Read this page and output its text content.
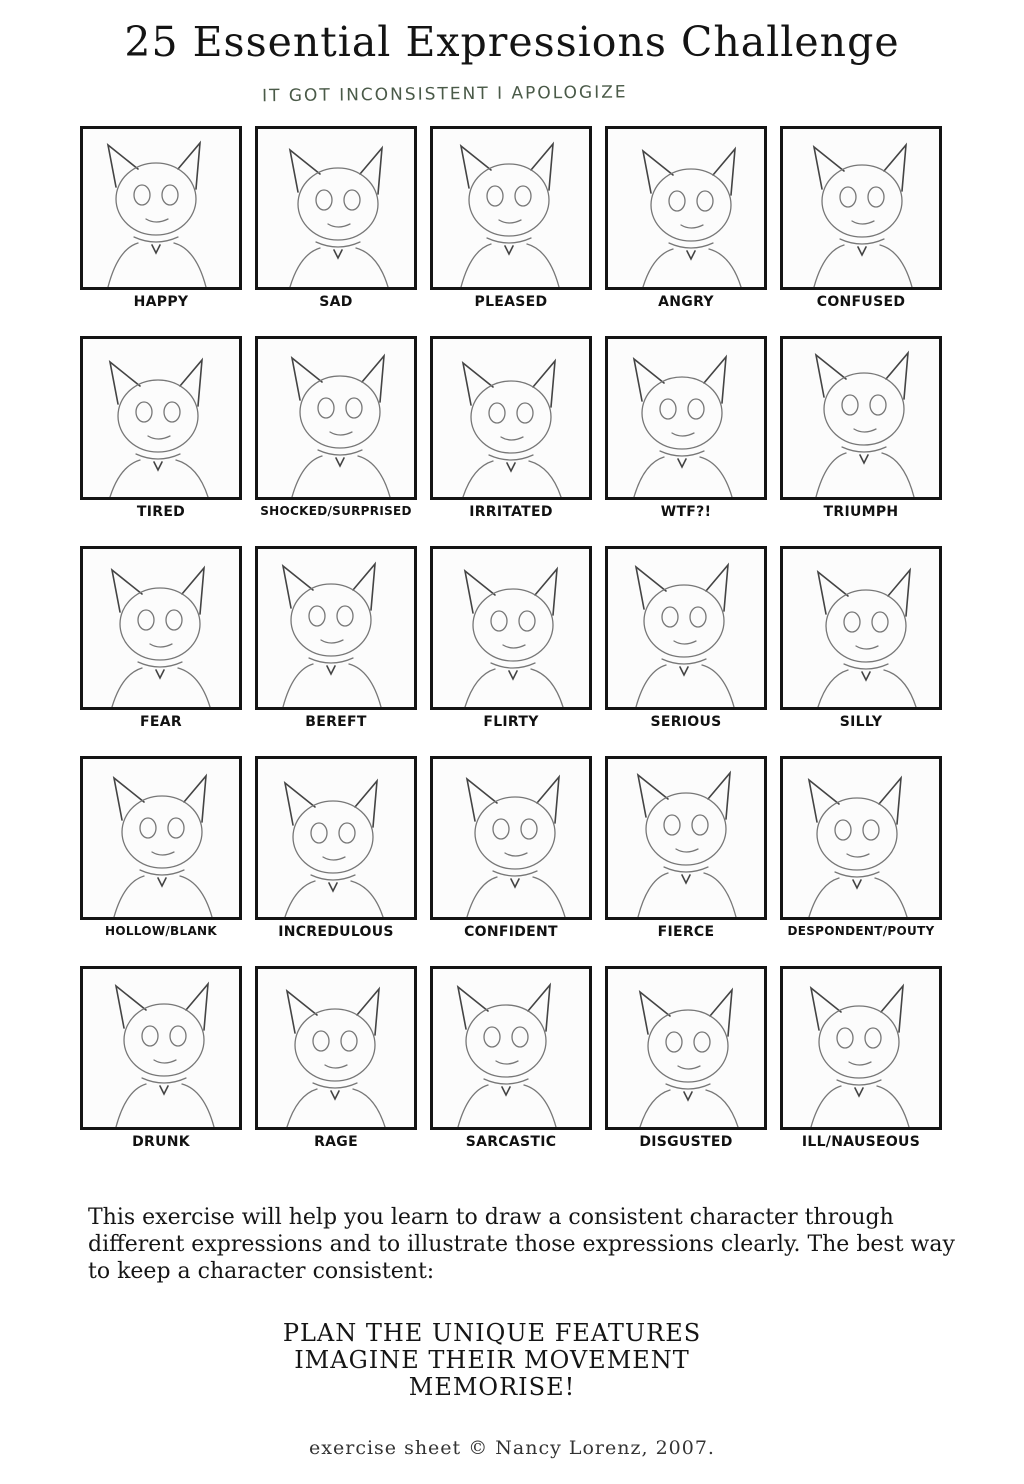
25 Essential Expressions Challenge
IT GOT INCONSISTENT I APOLOGIZE
HAPPY	SAD	PLEASED	ANGRY	CONFUSED
TIRED	SHOCKED/SURPRISED	IRRITATED	WTF?!	TRIUMPH
FEAR	BEREFT	FLIRTY	SERIOUS	SILLY
HOLLOW/BLANK	INCREDULOUS	CONFIDENT	FIERCE	DESPONDENT/POUTY
DRUNK	RAGE	SARCASTIC	DISGUSTED	ILL/NAUSEOUS
This exercise will help you learn to draw a consistent character through different expressions and to illustrate those expressions clearly. The best way to keep a character consistent:
PLAN THE UNIQUE FEATURES
IMAGINE THEIR MOVEMENT
MEMORISE!
exercise sheet © Nancy Lorenz, 2007.
